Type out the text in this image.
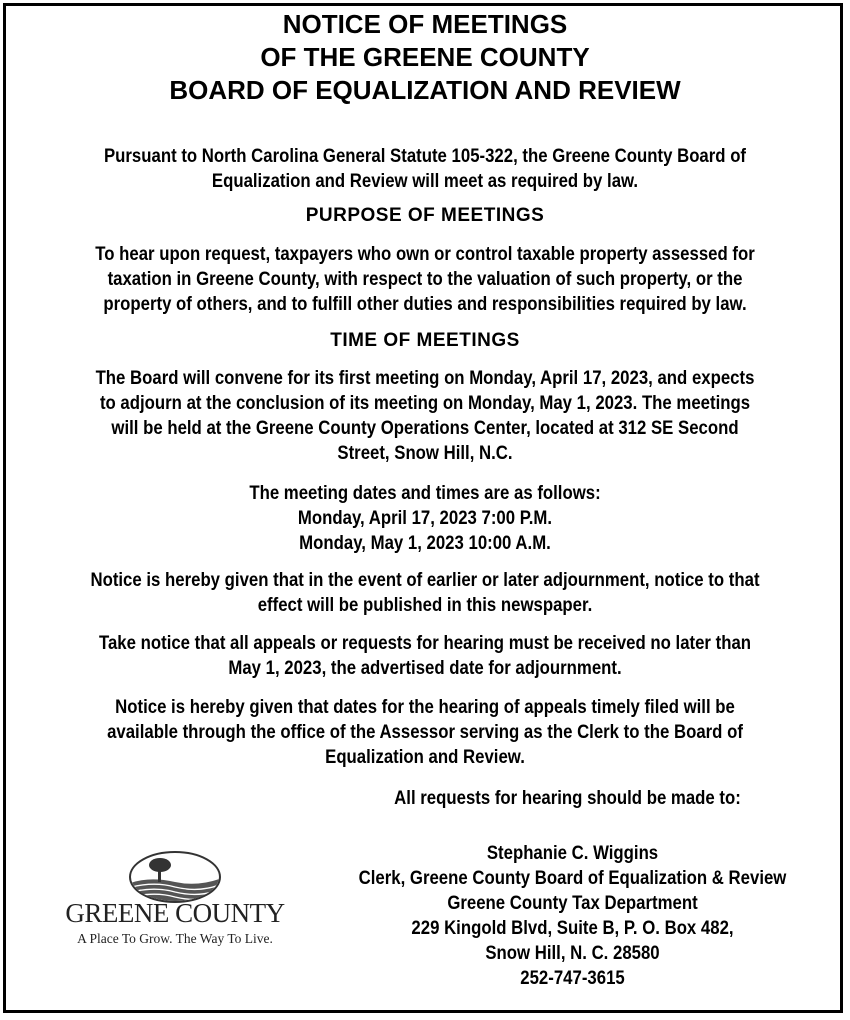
NOTICE OF MEETINGS
OF THE GREENE COUNTY
BOARD OF EQUALIZATION AND REVIEW
Pursuant to North Carolina General Statute 105-322, the Greene County Board of
Equalization and Review will meet as required by law.
PURPOSE OF MEETINGS
To hear upon request, taxpayers who own or control taxable property assessed for
taxation in Greene County, with respect to the valuation of such property, or the
property of others, and to fulfill other duties and responsibilities required by law.
TIME OF MEETINGS
The Board will convene for its first meeting on Monday, April 17, 2023, and expects
to adjourn at the conclusion of its meeting on Monday, May 1, 2023. The meetings
will be held at the Greene County Operations Center, located at 312 SE Second
Street, Snow Hill, N.C.
The meeting dates and times are as follows:
Monday, April 17, 2023 7:00 P.M.
Monday, May 1, 2023 10:00 A.M.
Notice is hereby given that in the event of earlier or later adjournment, notice to that
effect will be published in this newspaper.
Take notice that all appeals or requests for hearing must be received no later than
May 1, 2023, the advertised date for adjournment.
Notice is hereby given that dates for the hearing of appeals timely filed will be
available through the office of the Assessor serving as the Clerk to the Board of
Equalization and Review.
All requests for hearing should be made to:
Stephanie C. Wiggins
Clerk, Greene County Board of Equalization & Review
Greene County Tax Department
229 Kingold Blvd, Suite B, P. O. Box 482,
Snow Hill, N. C. 28580
252-747-3615
GREENE COUNTY
A Place To Grow. The Way To Live.
